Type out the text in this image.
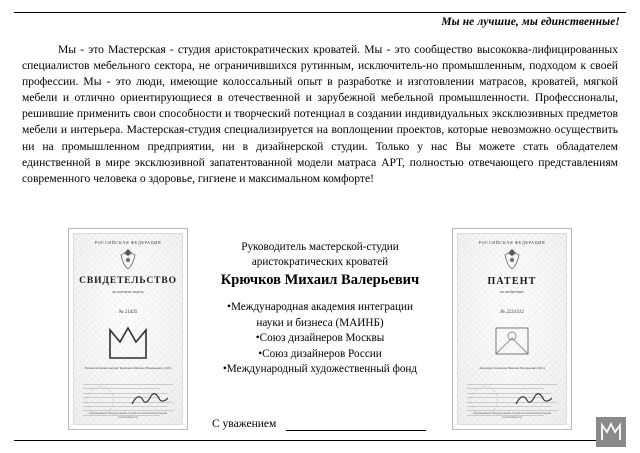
Мы не лучшие, мы единственные!
Мы - это Мастерская - студия аристократических кроватей. Мы - это сообщество высококва-лифицированных специалистов мебельного сектора, не ограничившихся рутинным, исключитель-но промышленным, подходом к своей профессии. Мы - это люди, имеющие колоссальный опыт в разработке и изготовлении матрасов, кроватей, мягкой мебели и отлично ориентирующиеся в отечественной и зарубежной мебельной промышленности. Профессионалы, решившие применить свои способности и творческий потенциал в создании индивидуальных эксклюзивных предметов мебели и интерьера. Мастерская-студия специализируется на воплощении проектов, которые невозможно осуществить ни на промышленном предприятии, ни в дизайнерской студии. Только у нас Вы можете стать обладателем единственной в мире эксклюзивной запатентованной модели матраса АРТ, полностью отвечающего представлениям современного человека о здоровье, гигиене и максимальном комфорте!
РОССИЙСКАЯ ФЕДЕРАЦИЯ
СВИДЕТЕЛЬСТВО
на полезную модель
№ 21435
Патентообладатель(ли): Крючков Михаил Валерьевич, (RU)
Руководитель Федеральной службы по интеллектуальной собственности
РОССИЙСКАЯ ФЕДЕРАЦИЯ
ПАТЕНТ
на изобретение
№ 2231312
Автор(ы): Крючков Михаил Валерьевич (RU)
Руководитель Федеральной службы по интеллектуальной собственности
Руководитель мастерской-студии
аристократических кроватей
Крючков Михаил Валерьевич
•Международная академия интеграции
науки и бизнеса (МАИНБ)
•Союз дизайнеров Москвы
•Союз дизайнеров России
•Международный художественный фонд
С уважением
